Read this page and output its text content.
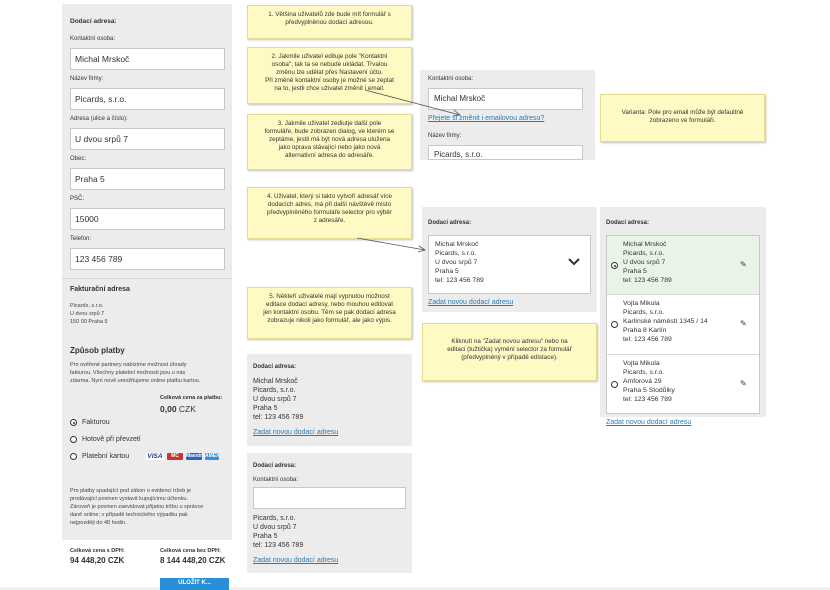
Dodací adresa:
Kontaktní osoba:
Michal Mrskoč
Název firmy:
Picards, s.r.o.
Adresa (ulice a číslo):
U dvou srpů 7
Obec:
Praha 5
PSČ:
15000
Telefon:
123 456 789
Fakturační adresa
Picards, s.r.o.
U dvou srpů 7
150 00 Praha 5
Způsob platby
Pro ověřené partnery nabízíme možnost úhrady
fakturou. Všechny platební možnosti jsou u nás
zdarma. Nyní nově umožňujeme online platbu kartou.
Celková cena za platbu:
0,00 CZK
Fakturou
Hotově při převzetí
Platební kartou	VISA	MC	Maestro AMEX
Pro platby spadající pod zákon o evidenci tržeb je
prodávající povinen vystavit kupujícímu účtenku.
Zároveň je povinen zaevidovat přijatou tržbu u správce
daně online; v případě technického výpadku pak
nejpozději do 48 hodin.
Celková cena s DPH:
94 448,20 CZK
Celková cena bez DPH:
8 144 448,20 CZK
ULOŽIT K...
Kontaktní osoba:
Michal Mrskoč
Přejete si změnit i emailovou adresu?
Název firmy:
Picards, s.r.o.
Dodací adresa:
Michal Mrskoč
Picards, s.r.o.
U dvou srpů 7
Praha 5
tel: 123 456 789
Zadat novou dodací adresu
Dodací adresa:
Michal Mrskoč
Picards, s.r.o.
U dvou srpů 7
Praha 5
tel: 123 456 789
✎
Vojta Mikula
Picards, s.r.o.
Karlínské náměstí 1345 / 14
Praha 8 Karlín
tel: 123 456 789
✎
Vojta Mikula
Picards, s.r.o.
Amforová 29
Praha 5 Stodůlky
tel: 123 456 789
✎
Zadat novou dodací adresu
Dodací adresa:
Michal Mrskoč
Picards, s.r.o.
U dvou srpů 7
Praha 5
tel: 123 456 789
Zadat novou dodací adresu
Dodací adresa:
Kontaktní osoba:
Picards, s.r.o.
U dvou srpů 7
Praha 5
tel: 123 456 789
Zadat novou dodací adresu
1. Většina uživatelů zde bude mít formulář s
předvyplněnou dodací adresou.
2. Jakmile uživatel edituje pole "Kontaktní
osoba", tak ta se nebude ukládat. Trvalou
změnu lze udělat přes Nastavení účtu.
Při změně kontaktní osoby je možné se zeptat
na to, jestli chce uživatel změnit i email.
3. Jakmile uživatel zediutje další pole
formuláře, bude zobrazen dialog, ve kterém se
zeptáme, jestli má být nová adresa uložena
jako oprava stávající nebo jako nová
alternativní adresa do adresáře.
4. Uživatel, který si takto vytvoří adresář více
dodacích adres, má při další návštěvě místo
předvyplněného formuláře selector pro výběr
z adresáře.
5. Někteří uživatelé mají vypnutou možnost
editace dodací adresy, nebo mouhou editovat
jen kontaktní osobu. Těm se pak dodací adresa
zobrazuje nikoli jako formulář, ale jako výpis.
Varianta: Pole pro email může být defaultně
zobrazeno ve formuláři.
Kliknutí na "Zadat novou adresu" nebo na
editaci (tužtička) vymění selector za formulář
(předvyplněný v případě edistace).
